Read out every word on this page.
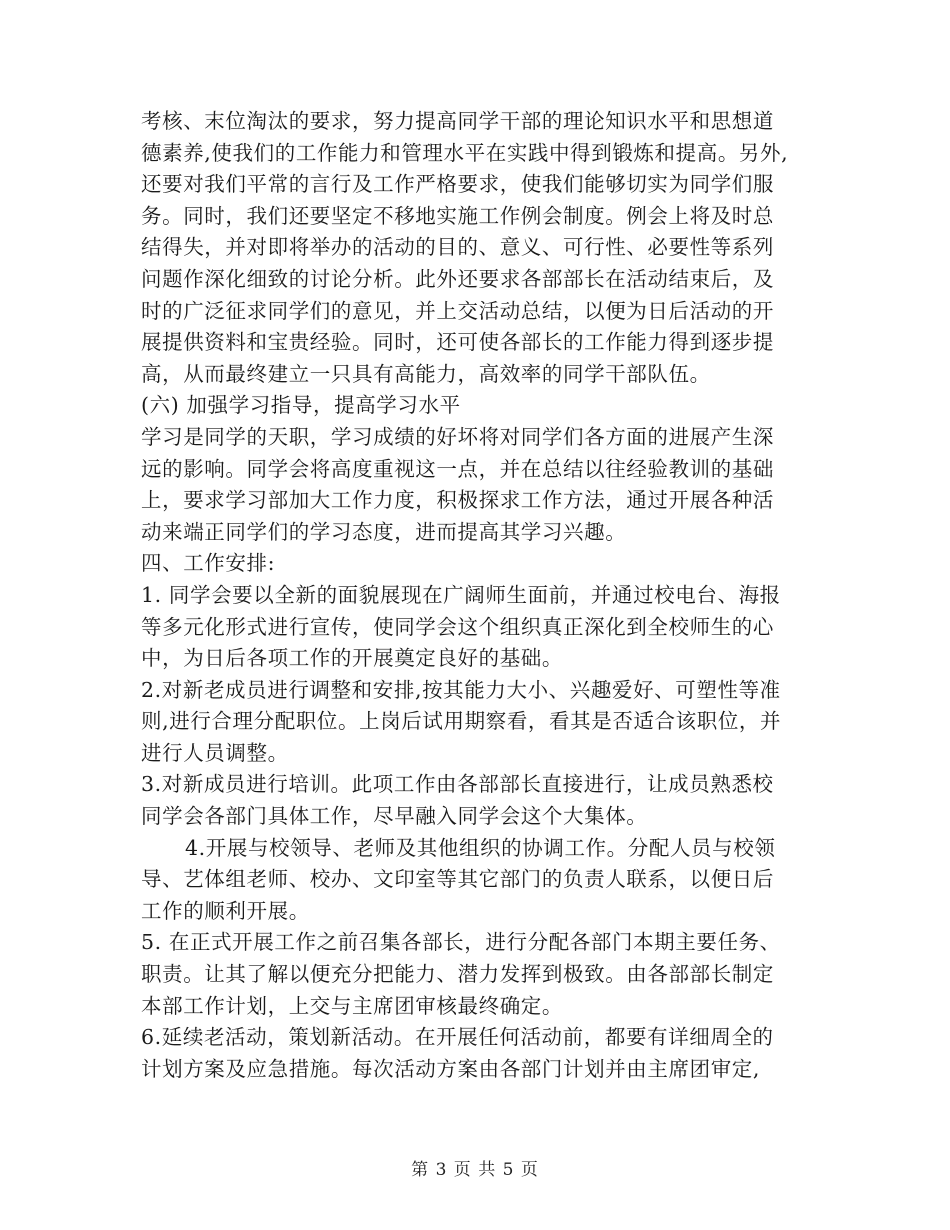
考核、末位淘汰的要求，努力提高同学干部的理论知识水平和思想道
德素养,使我们的工作能力和管理水平在实践中得到锻炼和提高。另外,
还要对我们平常的言行及工作严格要求，使我们能够切实为同学们服
务。同时，我们还要坚定不移地实施工作例会制度。例会上将及时总
结得失，并对即将举办的活动的目的、意义、可行性、必要性等系列
问题作深化细致的讨论分析。此外还要求各部部长在活动结束后，及
时的广泛征求同学们的意见，并上交活动总结，以便为日后活动的开
展提供资料和宝贵经验。同时，还可使各部长的工作能力得到逐步提
高，从而最终建立一只具有高能力，高效率的同学干部队伍。
(六) 加强学习指导，提高学习水平
学习是同学的天职，学习成绩的好坏将对同学们各方面的进展产生深
远的影响。同学会将高度重视这一点，并在总结以往经验教训的基础
上，要求学习部加大工作力度，积极探求工作方法，通过开展各种活
动来端正同学们的学习态度，进而提高其学习兴趣。
四、工作安排:
1. 同学会要以全新的面貌展现在广阔师生面前，并通过校电台、海报
等多元化形式进行宣传，使同学会这个组织真正深化到全校师生的心
中，为日后各项工作的开展奠定良好的基础。
2.对新老成员进行调整和安排,按其能力大小、兴趣爱好、可塑性等准
则,进行合理分配职位。上岗后试用期察看，看其是否适合该职位，并
进行人员调整。
3.对新成员进行培训。此项工作由各部部长直接进行，让成员熟悉校
同学会各部门具体工作，尽早融入同学会这个大集体。
4.开展与校领导、老师及其他组织的协调工作。分配人员与校领
导、艺体组老师、校办、文印室等其它部门的负责人联系，以便日后
工作的顺利开展。
5. 在正式开展工作之前召集各部长，进行分配各部门本期主要任务、
职责。让其了解以便充分把能力、潜力发挥到极致。由各部部长制定
本部工作计划，上交与主席团审核最终确定。
6.延续老活动，策划新活动。在开展任何活动前，都要有详细周全的
计划方案及应急措施。每次活动方案由各部门计划并由主席团审定,
第 3 页 共 5 页
